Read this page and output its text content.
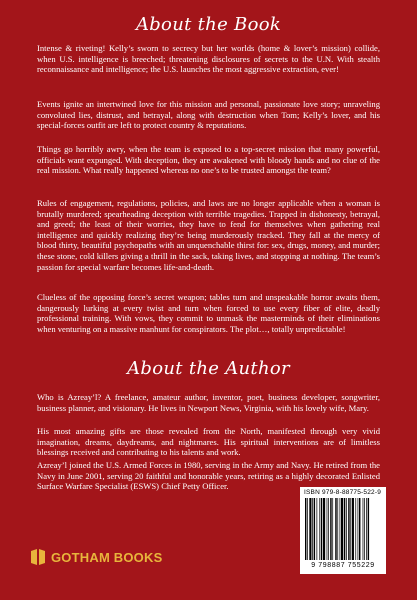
About the Book
Intense & riveting! Kelly’s sworn to secrecy but her worlds (home & lover’s mission) collide, when U.S. intelligence is breeched; threatening disclosures of secrets to the U.N. With stealth reconnaissance and intelligence; the U.S. launches the most aggressive extraction, ever!
Events ignite an intertwined love for this mission and personal, passionate love story; unraveling convoluted lies, distrust, and betrayal, along with destruction when Tom; Kelly’s lover, and his special-forces outfit are left to protect country & reputations.
Things go horribly awry, when the team is exposed to a top-secret mission that many powerful, officials want expunged. With deception, they are awakened with bloody hands and no clue of the real mission. What really happened whereas no one’s to be trusted amongst the team?
Rules of engagement, regulations, policies, and laws are no longer applicable when a woman is brutally murdered; spearheading deception with terrible tragedies. Trapped in dishonesty, betrayal, and greed; the least of their worries, they have to fend for themselves when gathering real intelligence and quickly realizing they’re being murderously tracked. They fall at the mercy of blood thirty, beautiful psychopaths with an unquenchable thirst for: sex, drugs, money, and murder; these stone, cold killers giving a thrill in the sack, taking lives, and stopping at nothing. The team’s passion for special warfare becomes life-and-death.
Clueless of the opposing force’s secret weapon; tables turn and unspeakable horror awaits them, dangerously lurking at every twist and turn when forced to use every fiber of elite, deadly professional training. With vows, they commit to unmask the masterminds of their eliminations when venturing on a massive manhunt for conspirators. The plot…, totally unpredictable!
About the Author
Who is Azreay’l? A freelance, amateur author, inventor, poet, business developer, songwriter, business planner, and visionary. He lives in Newport News, Virginia, with his lovely wife, Mary.
His most amazing gifts are those revealed from the North, manifested through very vivid imagination, dreams, daydreams, and nightmares. His spiritual interventions are of limitless blessings received and contributing to his talents and work.
Azreay’l joined the U.S. Armed Forces in 1980, serving in the Army and Navy. He retired from the Navy in June 2001, serving 20 faithful and honorable years, retiring as a highly decorated Enlisted Surface Warfare Specialist (ESWS) Chief Petty Officer.
ISBN 979-8-88775-522-9
9 798887 755229
GOTHAM BOOKS
